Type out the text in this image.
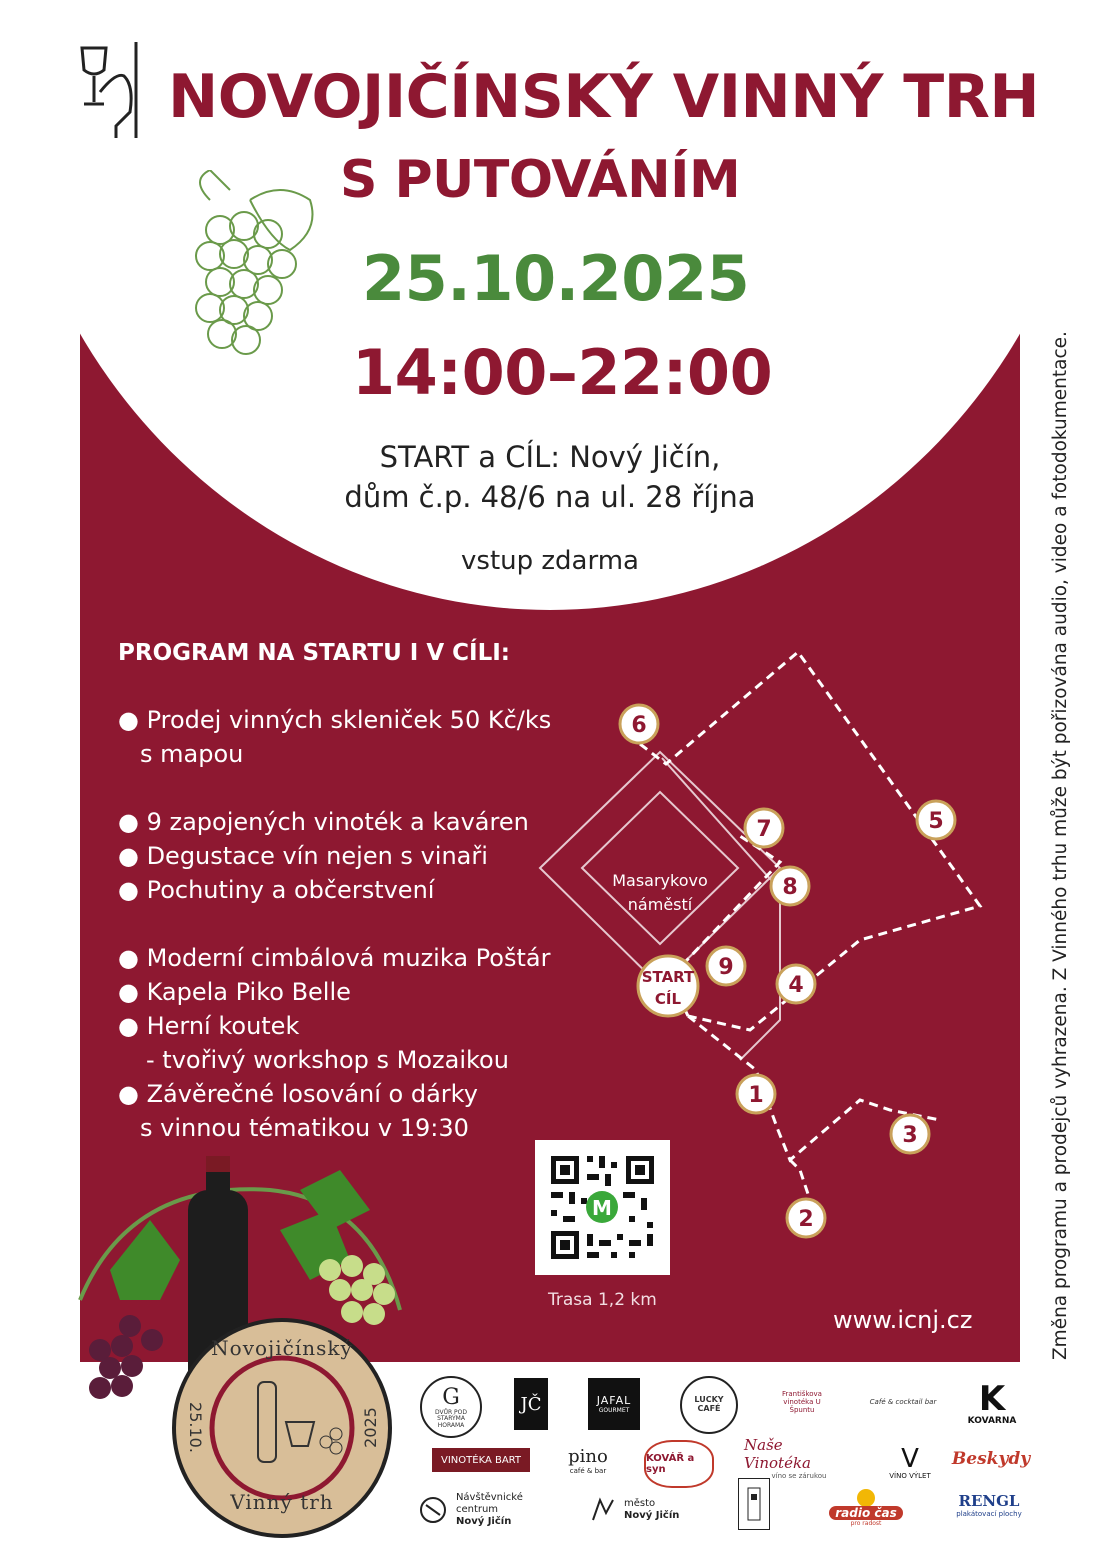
NOVOJIČÍNSKÝ VINNÝ TRH
S PUTOVÁNÍM
25.10.2025
14:00–22:00
START a CÍL: Nový Jičín,
dům č.p. 48/6 na ul. 28 října
vstup zdarma
PROGRAM NA STARTU I V CÍLI:
● Prodej vinných skleniček 50 Kč/ks
s mapou
● 9 zapojených vinoték a kaváren
● Degustace vín nejen s vinaři
● Pochutiny a občerstvení
● Moderní cimbálová muzika Poštár
● Kapela Piko Belle
● Herní koutek
- tvořivý workshop s Mozaikou
● Závěrečné losování o dárky
s vinnou tématikou v 19:30
Masarykovo
náměstí
START
CÍL
1
2
3
4
5
6
7
8
9
M
Trasa 1,2 km
www.icnj.cz	Změna programu a prodejců vyhrazena. Z Vinného trhu může být pořizována audio, video a fotodokumentace.
Novojičínský
Vinný trh
25.10.	2025
G
DVŮR POD STARÝMA HORAMA
JČ	JAFAL
GOURMET
LUCKY CAFÉ
Františkova vinotéka U Špuntu
Café & cocktail bar K
KOVARNA
VINOTÉKA BART	pino
café & bar
KOVÁŘ a syn
Naše Vinotéka
víno se zárukou
V
VÍNO VÝLET
Beskydy
Návštěvnické centrum
Nový Jičín
město
Nový Jičín	radio čas
pro radost
RENGL
plakátovací plochy
